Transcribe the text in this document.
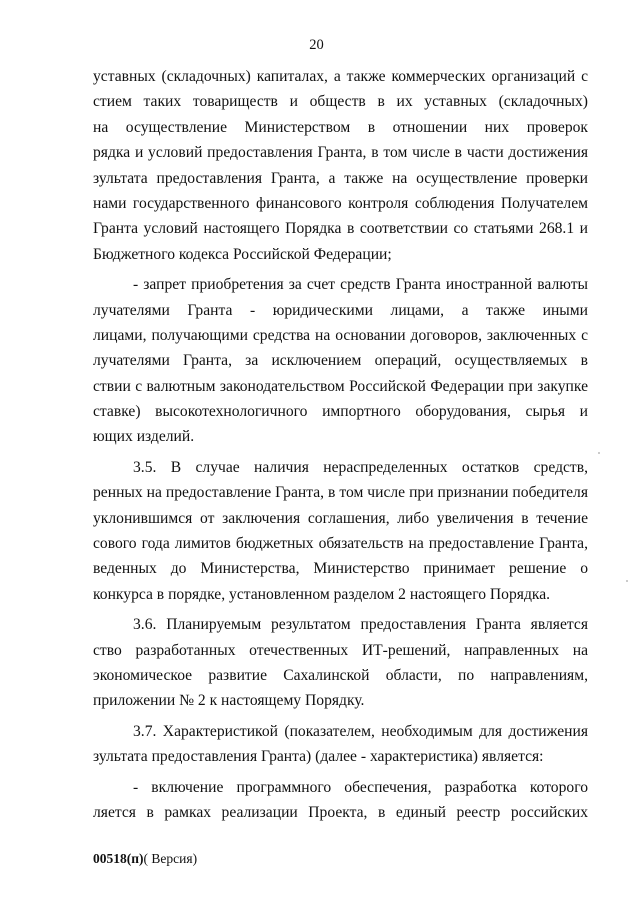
20
уставных (складочных) капиталах, а также коммерческих организаций с
стием таких товариществ и обществ в их уставных (складочных)
на осуществление Министерством в отношении них проверок
рядка и условий предоставления Гранта, в том числе в части достижения
зультата предоставления Гранта, а также на осуществление проверки
нами государственного финансового контроля соблюдения Получателем
Гранта условий настоящего Порядка в соответствии со статьями 268.1 и
Бюджетного кодекса Российской Федерации;
- запрет приобретения за счет средств Гранта иностранной валюты
лучателями Гранта - юридическими лицами, а также иными
лицами, получающими средства на основании договоров, заключенных с
лучателями Гранта, за исключением операций, осуществляемых в
ствии с валютным законодательством Российской Федерации при закупке
ставке) высокотехнологичного импортного оборудования, сырья и
ющих изделий.
3.5. В случае наличия нераспределенных остатков средств,
ренных на предоставление Гранта, в том числе при признании победителя
уклонившимся от заключения соглашения, либо увеличения в течение
сового года лимитов бюджетных обязательств на предоставление Гранта,
веденных до Министерства, Министерство принимает решение о
конкурса в порядке, установленном разделом 2 настоящего Порядка.
3.6. Планируемым результатом предоставления Гранта является
ство разработанных отечественных ИТ-решений, направленных на
экономическое развитие Сахалинской области, по направлениям,
приложении № 2 к настоящему Порядку.
3.7. Характеристикой (показателем, необходимым для достижения
зультата предоставления Гранта) (далее - характеристика) является:
- включение программного обеспечения, разработка которого
ляется в рамках реализации Проекта, в единый реестр российских
00518(п)( Версия)
